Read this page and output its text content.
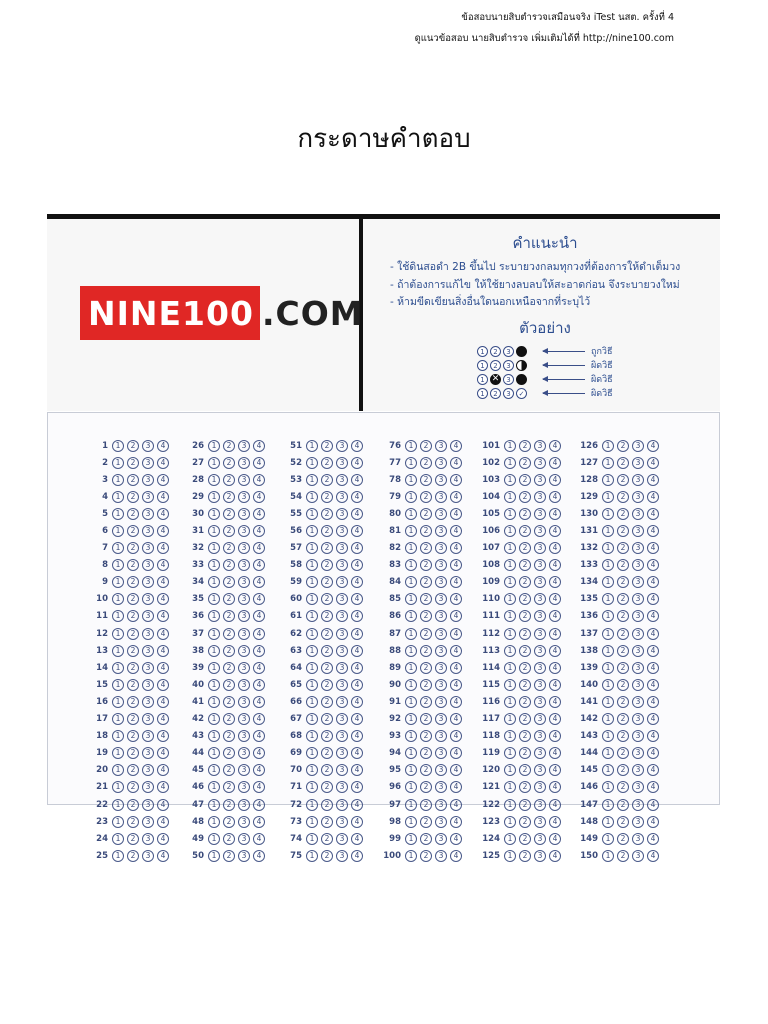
ข้อสอบนายสิบตำรวจเสมือนจริง iTest นสต. ครั้งที่ 4
ดูแนวข้อสอบ นายสิบตำรวจ เพิ่มเติมได้ที่ http://nine100.com
กระดาษคำตอบ
NINE100 .COM
คำแนะนำ
- ใช้ดินสอดำ 2B ขึ้นไป ระบายวงกลมทุกวงที่ต้องการให้ดำเต็มวง
- ถ้าต้องการแก้ไข ให้ใช้ยางลบลบให้สะอาดก่อน จึงระบายวงใหม่
- ห้ามขีดเขียนสิ่งอื่นใดนอกเหนือจากที่ระบุไว้
ตัวอย่าง
1	2	3	ถูกวิธี
1	2	3	ผิดวิธี
1 ✕	3	ผิดวิธี
1	2	3	✓	ผิดวิธี
1	1	2	3	4
2	1	2	3	4
3	1	2	3	4
4	1	2	3	4
5	1	2	3	4
6	1	2	3	4
7	1	2	3	4
8	1	2	3	4
9	1	2	3	4
10	1	2	3	4
11	1	2	3	4
12	1	2	3	4
13	1	2	3	4
14	1	2	3	4
15	1	2	3	4
16	1	2	3	4
17	1	2	3	4
18	1	2	3	4
19	1	2	3	4
20	1	2	3	4
21	1	2	3	4
22	1	2	3	4
23	1	2	3	4
24	1	2	3	4
25	1	2	3	4
26	1	2	3	4
27	1	2	3	4
28	1	2	3	4
29	1	2	3	4
30	1	2	3	4
31	1	2	3	4
32	1	2	3	4
33	1	2	3	4
34	1	2	3	4
35	1	2	3	4
36	1	2	3	4
37	1	2	3	4
38	1	2	3	4
39	1	2	3	4
40	1	2	3	4
41	1	2	3	4
42	1	2	3	4
43	1	2	3	4
44	1	2	3	4
45	1	2	3	4
46	1	2	3	4
47	1	2	3	4
48	1	2	3	4
49	1	2	3	4
50	1	2	3	4
51	1	2	3	4
52	1	2	3	4
53	1	2	3	4
54	1	2	3	4
55	1	2	3	4
56	1	2	3	4
57	1	2	3	4
58	1	2	3	4
59	1	2	3	4
60	1	2	3	4
61	1	2	3	4
62	1	2	3	4
63	1	2	3	4
64	1	2	3	4
65	1	2	3	4
66	1	2	3	4
67	1	2	3	4
68	1	2	3	4
69	1	2	3	4
70	1	2	3	4
71	1	2	3	4
72	1	2	3	4
73	1	2	3	4
74	1	2	3	4
75	1	2	3	4
76	1	2	3	4
77	1	2	3	4
78	1	2	3	4
79	1	2	3	4
80	1	2	3	4
81	1	2	3	4
82	1	2	3	4
83	1	2	3	4
84	1	2	3	4
85	1	2	3	4
86	1	2	3	4
87	1	2	3	4
88	1	2	3	4
89	1	2	3	4
90	1	2	3	4
91	1	2	3	4
92	1	2	3	4
93	1	2	3	4
94	1	2	3	4
95	1	2	3	4
96	1	2	3	4
97	1	2	3	4
98	1	2	3	4
99	1	2	3	4
100	1	2	3	4
101	1	2	3	4
102	1	2	3	4
103	1	2	3	4
104	1	2	3	4
105	1	2	3	4
106	1	2	3	4
107	1	2	3	4
108	1	2	3	4
109	1	2	3	4
110	1	2	3	4
111	1	2	3	4
112	1	2	3	4
113	1	2	3	4
114	1	2	3	4
115	1	2	3	4
116	1	2	3	4
117	1	2	3	4
118	1	2	3	4
119	1	2	3	4
120	1	2	3	4
121	1	2	3	4
122	1	2	3	4
123	1	2	3	4
124	1	2	3	4
125	1	2	3	4
126	1	2	3	4
127	1	2	3	4
128	1	2	3	4
129	1	2	3	4
130	1	2	3	4
131	1	2	3	4
132	1	2	3	4
133	1	2	3	4
134	1	2	3	4
135	1	2	3	4
136	1	2	3	4
137	1	2	3	4
138	1	2	3	4
139	1	2	3	4
140	1	2	3	4
141	1	2	3	4
142	1	2	3	4
143	1	2	3	4
144	1	2	3	4
145	1	2	3	4
146	1	2	3	4
147	1	2	3	4
148	1	2	3	4
149	1	2	3	4
150	1	2	3	4
